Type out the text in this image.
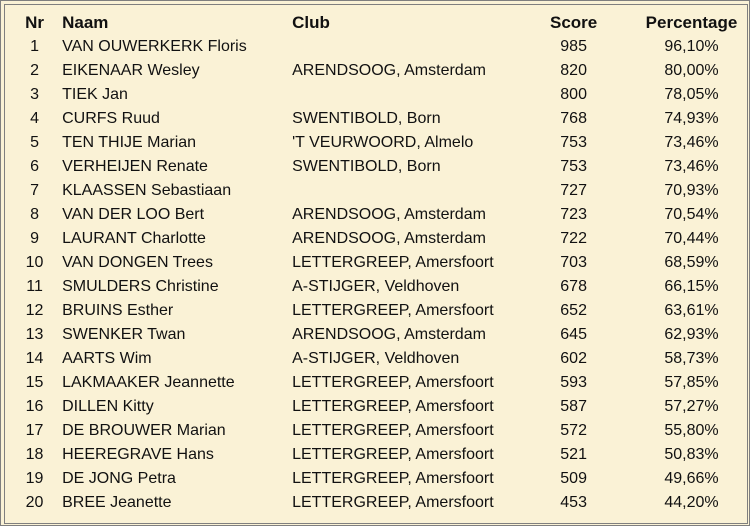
Nr	Naam	Club	Score	Percentage
1	VAN OUWERKERK Floris		985	96,10%
2	EIKENAAR Wesley	ARENDSOOG, Amsterdam	820	80,00%
3	TIEK Jan		800	78,05%
4	CURFS Ruud	SWENTIBOLD, Born	768	74,93%
5	TEN THIJE Marian	'T VEURWOORD, Almelo	753	73,46%
6	VERHEIJEN Renate	SWENTIBOLD, Born	753	73,46%
7	KLAASSEN Sebastiaan		727	70,93%
8	VAN DER LOO Bert	ARENDSOOG, Amsterdam	723	70,54%
9	LAURANT Charlotte	ARENDSOOG, Amsterdam	722	70,44%
10	VAN DONGEN Trees	LETTERGREEP, Amersfoort	703	68,59%
11	SMULDERS Christine	A-STIJGER, Veldhoven	678	66,15%
12	BRUINS Esther	LETTERGREEP, Amersfoort	652	63,61%
13	SWENKER Twan	ARENDSOOG, Amsterdam	645	62,93%
14	AARTS Wim	A-STIJGER, Veldhoven	602	58,73%
15	LAKMAAKER Jeannette	LETTERGREEP, Amersfoort	593	57,85%
16	DILLEN Kitty	LETTERGREEP, Amersfoort	587	57,27%
17	DE BROUWER Marian	LETTERGREEP, Amersfoort	572	55,80%
18	HEEREGRAVE Hans	LETTERGREEP, Amersfoort	521	50,83%
19	DE JONG Petra	LETTERGREEP, Amersfoort	509	49,66%
20	BREE Jeanette	LETTERGREEP, Amersfoort	453	44,20%
